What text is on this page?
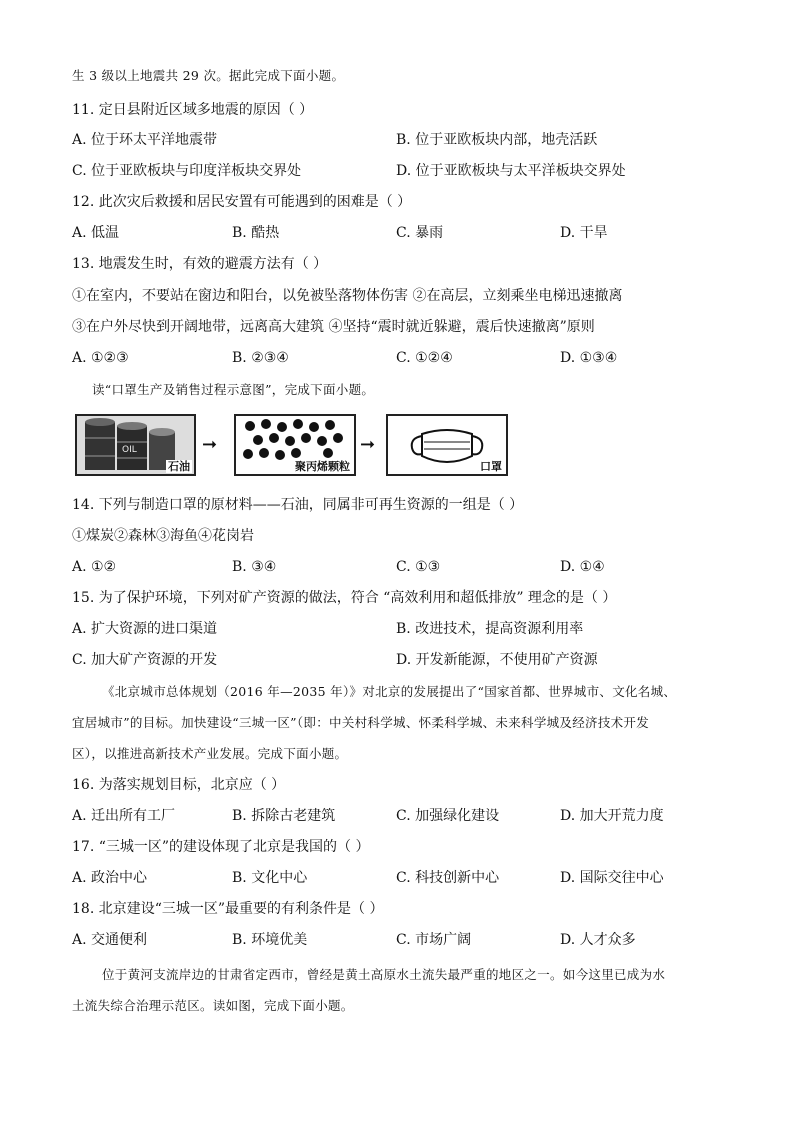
生 3 级以上地震共 29 次。据此完成下面小题。
11. 定日县附近区域多地震的原因（ ）
A. 位于环太平洋地震带	B. 位于亚欧板块内部，地壳活跃
C. 位于亚欧板块与印度洋板块交界处	D. 位于亚欧板块与太平洋板块交界处
12. 此次灾后救援和居民安置有可能遇到的困难是（ ）
A. 低温	B. 酷热	C. 暴雨	D. 干旱
13. 地震发生时，有效的避震方法有（ ）
①在室内，不要站在窗边和阳台，以免被坠落物体伤害 ②在高层，立刻乘坐电梯迅速撤离
③在户外尽快到开阔地带，远离高大建筑 ④坚持“震时就近躲避，震后快速撤离”原则
A. ①②③	B. ②③④	C. ①②④	D. ①③④
读“口罩生产及销售过程示意图”，完成下面小题。
OIL
石油
➞
聚丙烯颗粒
➞
口罩
14. 下列与制造口罩的原材料——石油，同属非可再生资源的一组是（ ）
①煤炭②森林③海鱼④花岗岩
A. ①②	B. ③④	C. ①③	D. ①④
15. 为了保护环境，下列对矿产资源的做法，符合 “高效利用和超低排放” 理念的是（ ）
A. 扩大资源的进口渠道	B. 改进技术，提高资源利用率
C. 加大矿产资源的开发	D. 开发新能源，不使用矿产资源
《北京城市总体规划（2016 年—2035 年）》对北京的发展提出了“国家首都、世界城市、文化名城、
宜居城市”的目标。加快建设“三城一区”（即：中关村科学城、怀柔科学城、未来科学城及经济技术开发
区），以推进高新技术产业发展。完成下面小题。
16. 为落实规划目标，北京应（ ）
A. 迁出所有工厂	B. 拆除古老建筑	C. 加强绿化建设	D. 加大开荒力度
17. “三城一区”的建设体现了北京是我国的（ ）
A. 政治中心	B. 文化中心	C. 科技创新中心	D. 国际交往中心
18. 北京建设“三城一区”最重要的有利条件是（ ）
A. 交通便利	B. 环境优美	C. 市场广阔	D. 人才众多
位于黄河支流岸边的甘肃省定西市，曾经是黄土高原水土流失最严重的地区之一。如今这里已成为水
土流失综合治理示范区。读如图，完成下面小题。
